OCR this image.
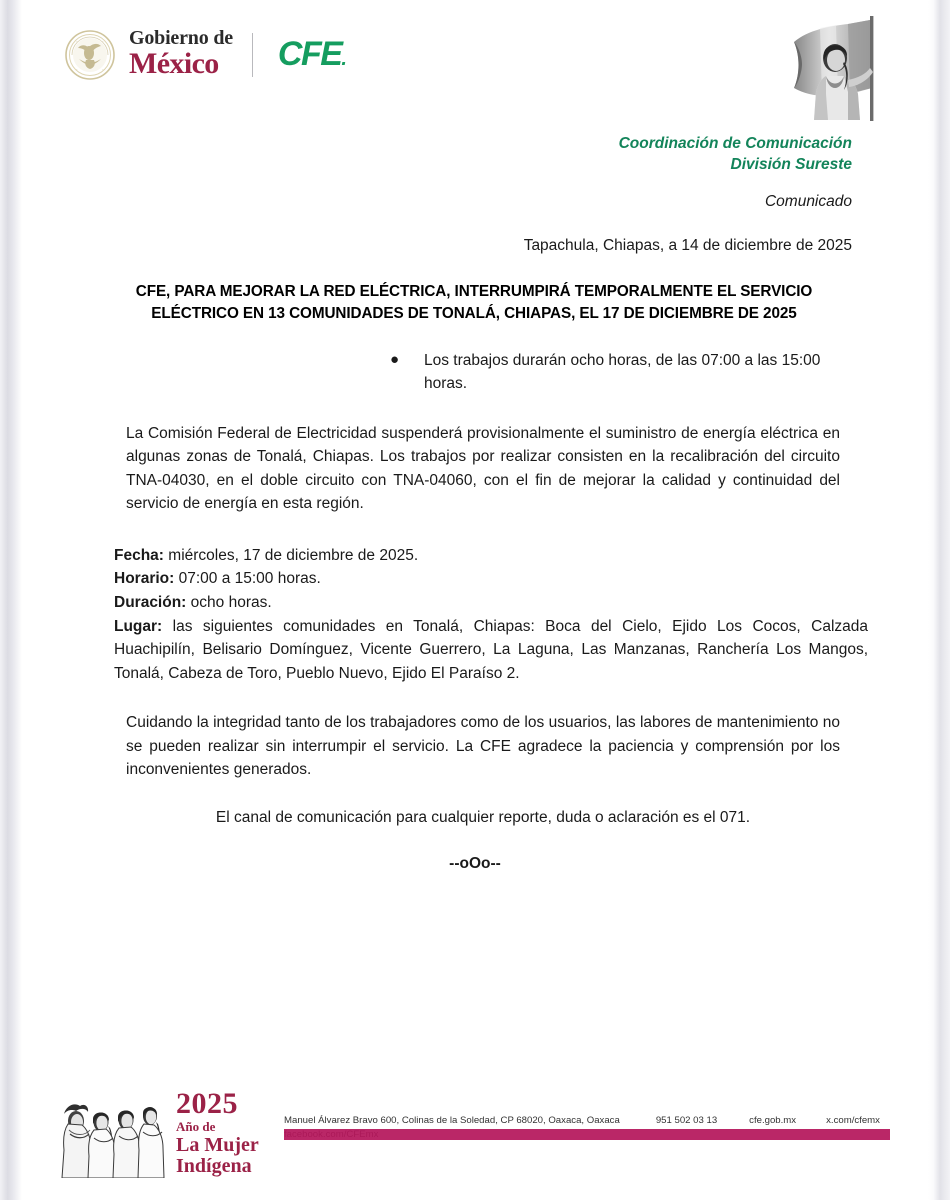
*	*
*	*
Gobierno de
México	CFE.
Coordinación de Comunicación
División Sureste
Comunicado
Tapachula, Chiapas, a 14 de diciembre de 2025
CFE, PARA MEJORAR LA RED ELÉCTRICA, INTERRUMPIRÁ TEMPORALMENTE EL SERVICIO ELÉCTRICO EN 13 COMUNIDADES DE TONALÁ, CHIAPAS, EL 17 DE DICIEMBRE DE 2025
●	Los trabajos durarán ocho horas, de las 07:00 a las 15:00 horas.

La Comisión Federal de Electricidad suspenderá provisionalmente el suministro de energía eléctrica en algunas zonas de Tonalá, Chiapas. Los trabajos por realizar consisten en la recalibración del circuito TNA-04030, en el doble circuito con TNA-04060, con el fin de mejorar la calidad y continuidad del servicio de energía en esta región.

Fecha: miércoles, 17 de diciembre de 2025.
Horario: 07:00 a 15:00 horas.
Duración: ocho horas.
Lugar: las siguientes comunidades en Tonalá, Chiapas: Boca del Cielo, Ejido Los Cocos, Calzada Huachipilín, Belisario Domínguez, Vicente Guerrero, La Laguna, Las Manzanas, Ranchería Los Mangos, Tonalá, Cabeza de Toro, Pueblo Nuevo, Ejido El Paraíso 2.

Cuidando la integridad tanto de los trabajadores como de los usuarios, las labores de mantenimiento no se pueden realizar sin interrumpir el servicio. La CFE agradece la paciencia y comprensión por los inconvenientes generados.

El canal de comunicación para cualquier reporte, duda o aclaración es el 071.
--oOo--
2025
Año de
La Mujer
Indígena
Manuel Álvarez Bravo 600, Colinas de la Soledad, CP 68020, Oaxaca, Oaxaca	951 502 03 13	cfe.gob.mx	x.com/cfemx
